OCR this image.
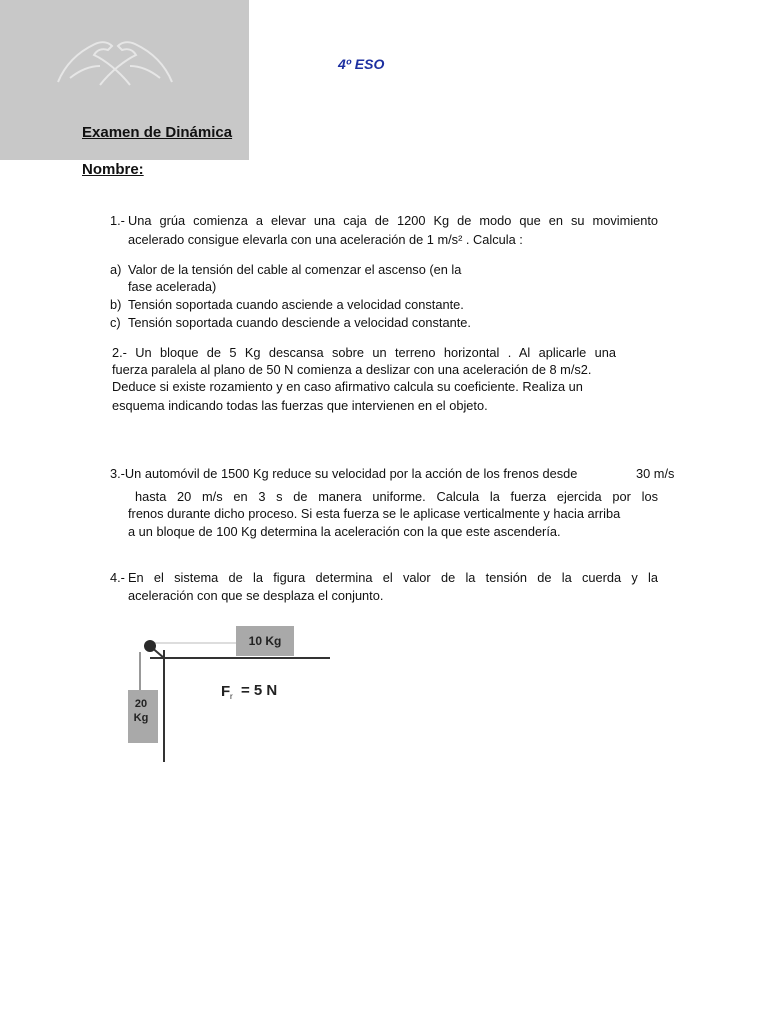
4º ESO
Examen de Dinámica
Nombre:
1.- Una grúa comienza a elevar una caja de 1200 Kg de modo que en su movimiento
acelerado consigue elevarla con una aceleración de 1 m/s² . Calcula :
a) Valor de la tensión del cable al comenzar el ascenso (en la
fase acelerada)
b) Tensión soportada cuando asciende a velocidad constante.
c) Tensión soportada cuando desciende a velocidad constante.
2.- Un bloque de 5 Kg descansa sobre un terreno horizontal . Al aplicarle una
fuerza paralela al plano de 50 N comienza a deslizar con una aceleración de 8 m/s2.
Deduce si existe rozamiento y en caso afirmativo calcula su coeficiente. Realiza un
esquema indicando todas las fuerzas que intervienen en el objeto.
3.-Un automóvil de 1500 Kg reduce su velocidad por la acción de los frenos desde	30 m/s
hasta 20 m/s en 3 s de manera uniforme. Calcula la fuerza ejercida por los
frenos durante dicho proceso. Si esta fuerza se le aplicase verticalmente y hacia arriba
a un bloque de 100 Kg determina la aceleración con la que este ascendería.
4.- En el sistema de la figura determina el valor de la tensión de la cuerda y la
aceleración con que se desplaza el conjunto.
10 Kg
20
Kg
F r = 5 N
